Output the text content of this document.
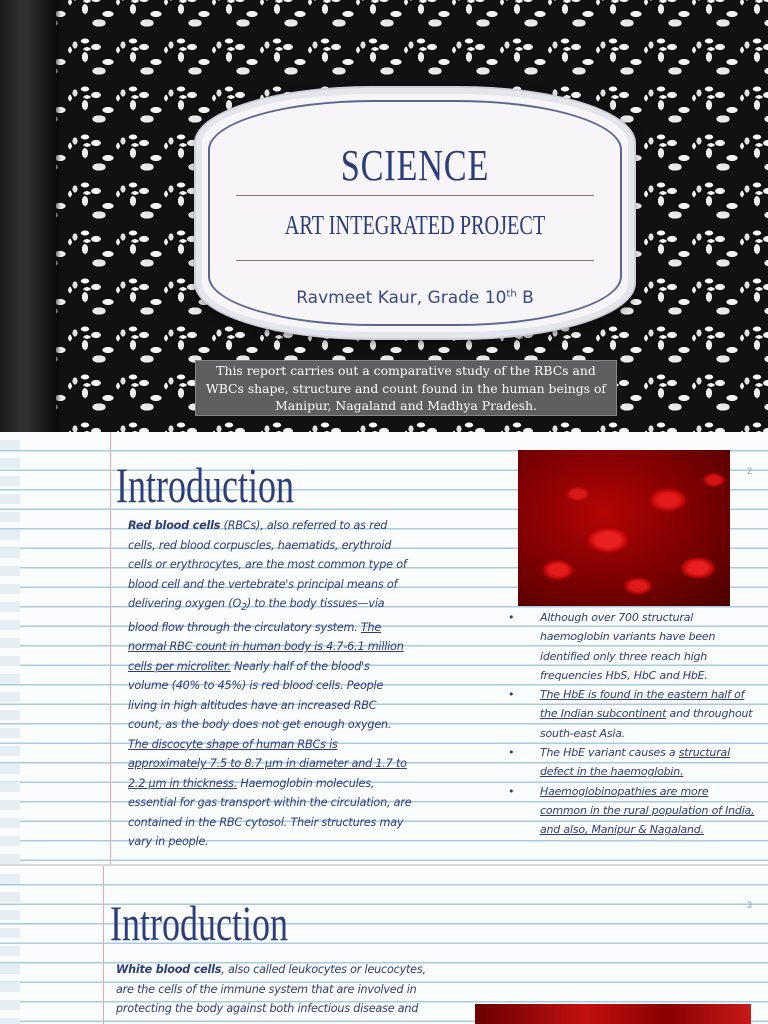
SCIENCE
ART INTEGRATED PROJECT
Ravmeet Kaur, Grade 10th B
This report carries out a comparative study of the RBCs and WBCs shape, structure and count found in the human beings of Manipur, Nagaland and Madhya Pradesh.
2
Introduction
Red blood cells (RBCs), also referred to as red cells, red blood corpuscles, haematids, erythroid cells or erythrocytes, are the most common type of blood cell and the vertebrate's principal means of delivering oxygen $(O_2)$ to the body tissues—via blood flow through the circulatory system. The normal RBC count in human body is 4.7-6.1 million cells per microliter. Nearly half of the blood's volume (40% to 45%) is red blood cells. People living in high altitudes have an increased RBC count, as the body does not get enough oxygen. The discocyte shape of human RBCs is approximately 7.5 to 8.7 μm in diameter and 1.7 to 2.2 μm in thickness. Haemoglobin molecules, essential for gas transport within the circulation, are contained in the RBC cytosol. Their structures may vary in people.
• Although over 700 structural haemoglobin variants have been identified only three reach high frequencies HbS, HbC and HbE.
• The HbE is found in the eastern half of the Indian subcontinent and throughout south-east Asia.
• The HbE variant causes a structural defect in the haemoglobin.
• Haemoglobinopathies are more common in the rural population of India, and also, Manipur & Nagaland.
3
Introduction
White blood cells, also called leukocytes or leucocytes, are the cells of the immune system that are involved in protecting the body against both infectious disease and
